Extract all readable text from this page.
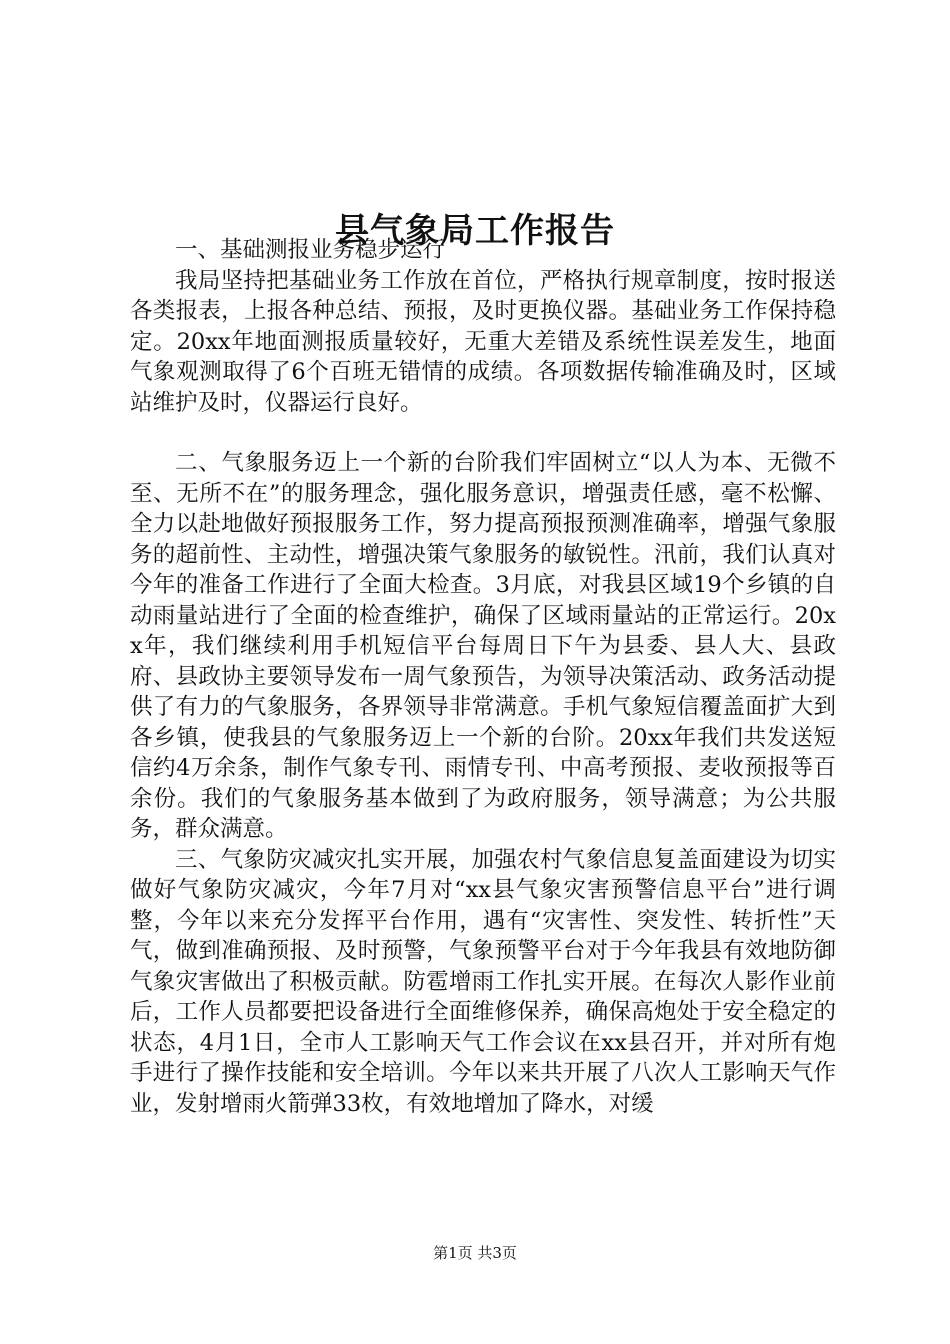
县气象局工作报告

一、基础测报业务稳步运行

我局坚持把基础业务工作放在首位，严格执行规章制度，按时报送各类报表，上报各种总结、预报，及时更换仪器。基础业务工作保持稳定。20xx年地面测报质量较好，无重大差错及系统性误差发生，地面气象观测取得了6个百班无错情的成绩。各项数据传输准确及时，区域站维护及时，仪器运行良好。

二、气象服务迈上一个新的台阶我们牢固树立“以人为本、无微不至、无所不在”的服务理念，强化服务意识，增强责任感，毫不松懈、全力以赴地做好预报服务工作，努力提高预报预测准确率，增强气象服务的超前性、主动性，增强决策气象服务的敏锐性。汛前，我们认真对今年的准备工作进行了全面大检查。3月底，对我县区域19个乡镇的自动雨量站进行了全面的检查维护，确保了区域雨量站的正常运行。20xx年，我们继续利用手机短信平台每周日下午为县委、县人大、县政府、县政协主要领导发布一周气象预告，为领导决策活动、政务活动提供了有力的气象服务，各界领导非常满意。手机气象短信覆盖面扩大到各乡镇，使我县的气象服务迈上一个新的台阶。20xx年我们共发送短信约4万余条，制作气象专刊、雨情专刊、中高考预报、麦收预报等百余份。我们的气象服务基本做到了为政府服务，领导满意；为公共服务，群众满意。

三、气象防灾减灾扎实开展，加强农村气象信息复盖面建设为切实做好气象防灾减灾，今年7月对“xx县气象灾害预警信息平台”进行调整，今年以来充分发挥平台作用，遇有“灾害性、突发性、转折性”天气，做到准确预报、及时预警，气象预警平台对于今年我县有效地防御气象灾害做出了积极贡献。防雹增雨工作扎实开展。在每次人影作业前后，工作人员都要把设备进行全面维修保养，确保高炮处于安全稳定的状态，4月1日，全市人工影响天气工作会议在xx县召开，并对所有炮手进行了操作技能和安全培训。今年以来共开展了八次人工影响天气作业，发射增雨火箭弹33枚，有效地增加了降水，对缓

第1页 共3页
